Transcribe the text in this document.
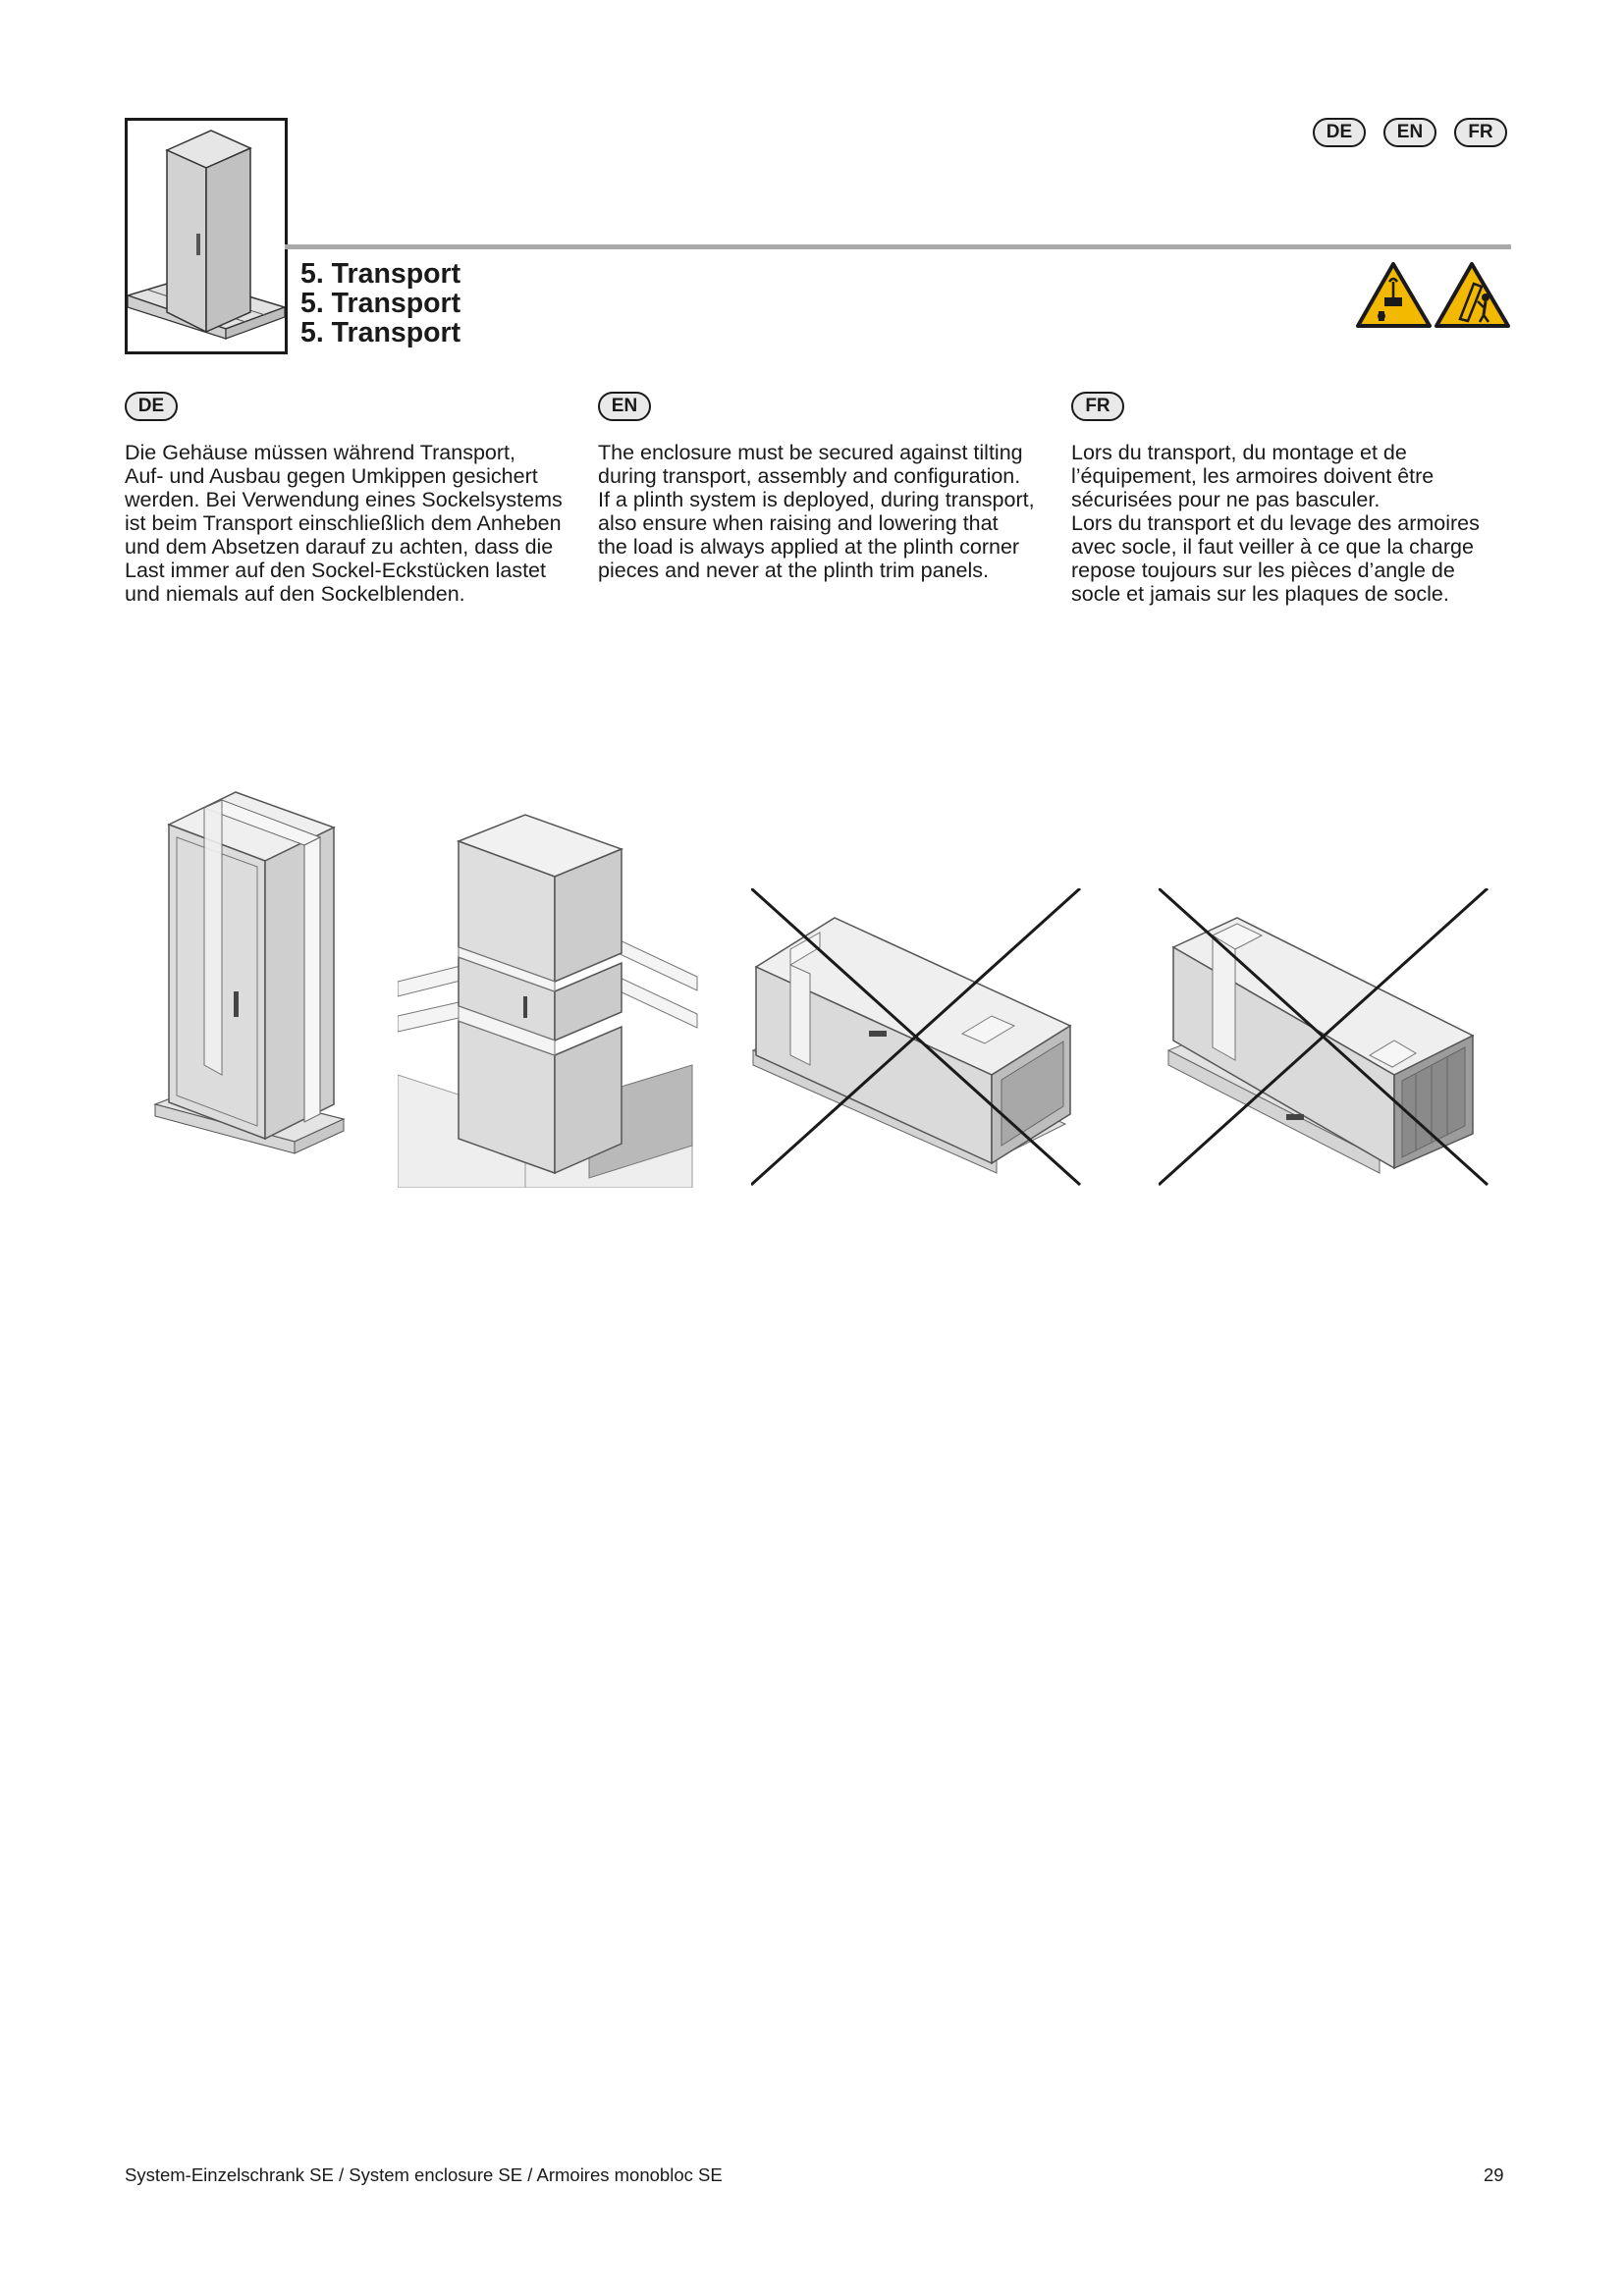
DE	EN	FR
5. Transport
5. Transport
5. Transport
DE	EN	FR
Die Gehäuse müssen während Transport,
Auf- und Ausbau gegen Umkippen gesichert
werden. Bei Verwendung eines Sockelsystems
ist beim Transport einschließlich dem Anheben
und dem Absetzen darauf zu achten, dass die
Last immer auf den Sockel-Eckstücken lastet
und niemals auf den Sockelblenden.
The enclosure must be secured against tilting
during transport, assembly and configuration.
If a plinth system is deployed, during transport,
also ensure when raising and lowering that
the load is always applied at the plinth corner
pieces and never at the plinth trim panels.
Lors du transport, du montage et de
l’équipement, les armoires doivent être
sécurisées pour ne pas basculer.
Lors du transport et du levage des armoires
avec socle, il faut veiller à ce que la charge
repose toujours sur les pièces d’angle de
socle et jamais sur les plaques de socle.
System-Einzelschrank SE / System enclosure SE / Armoires monobloc SE	29
